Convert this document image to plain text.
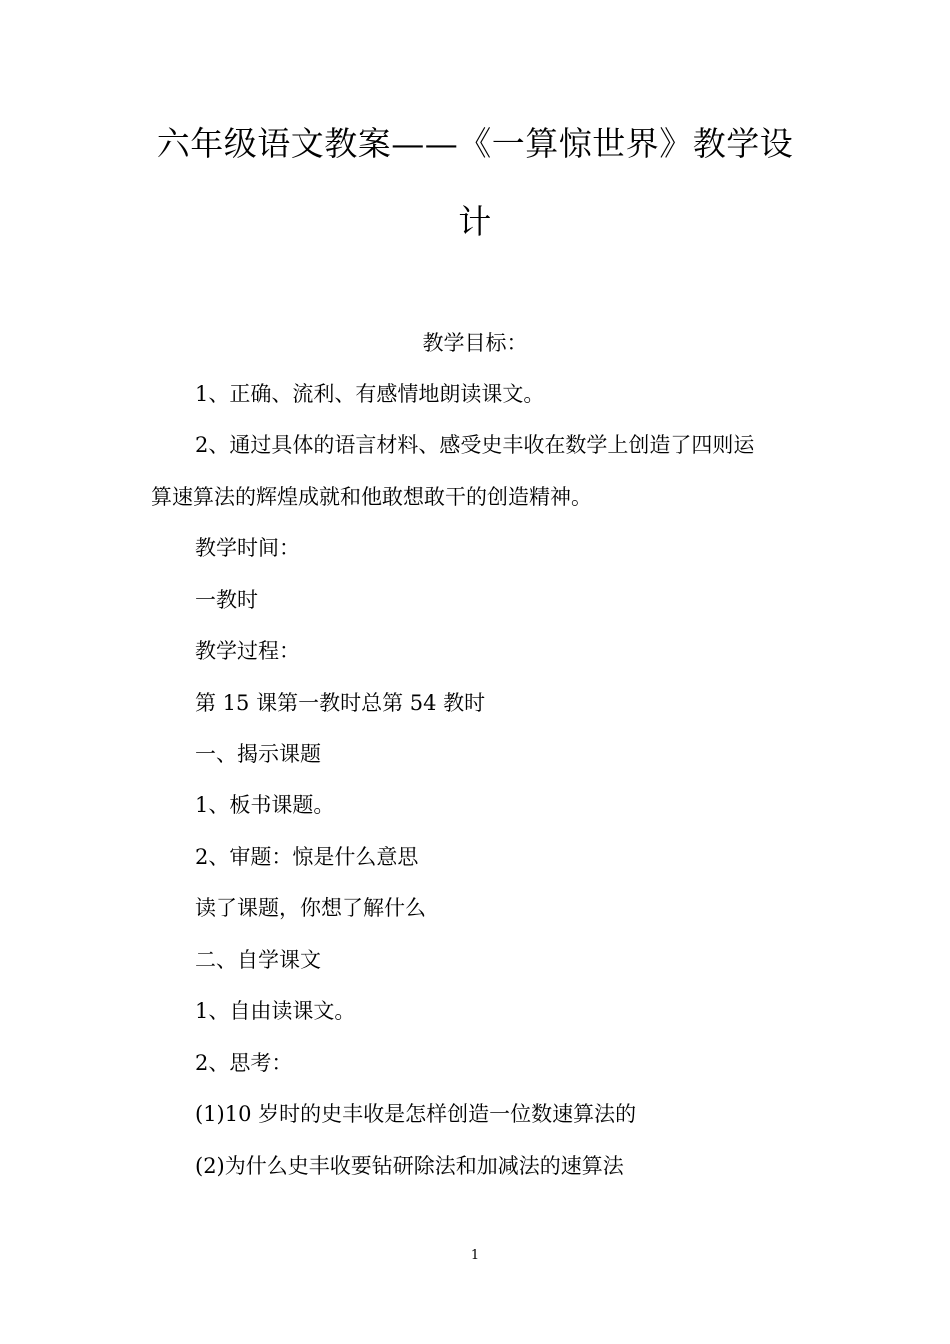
六年级语文教案——《一算惊世界》教学设
计

教学目标：

1、正确、流利、有感情地朗读课文。

2、通过具体的语言材料、感受史丰收在数学上创造了四则运

算速算法的辉煌成就和他敢想敢干的创造精神。

教学时间：

一教时

教学过程：

第 15 课第一教时总第 54 教时

一、揭示课题

1、板书课题。

2、审题：惊是什么意思

读了课题，你想了解什么

二、自学课文

1、自由读课文。

2、思考：

(1)10 岁时的史丰收是怎样创造一位数速算法的

(2)为什么史丰收要钻研除法和加减法的速算法

1
